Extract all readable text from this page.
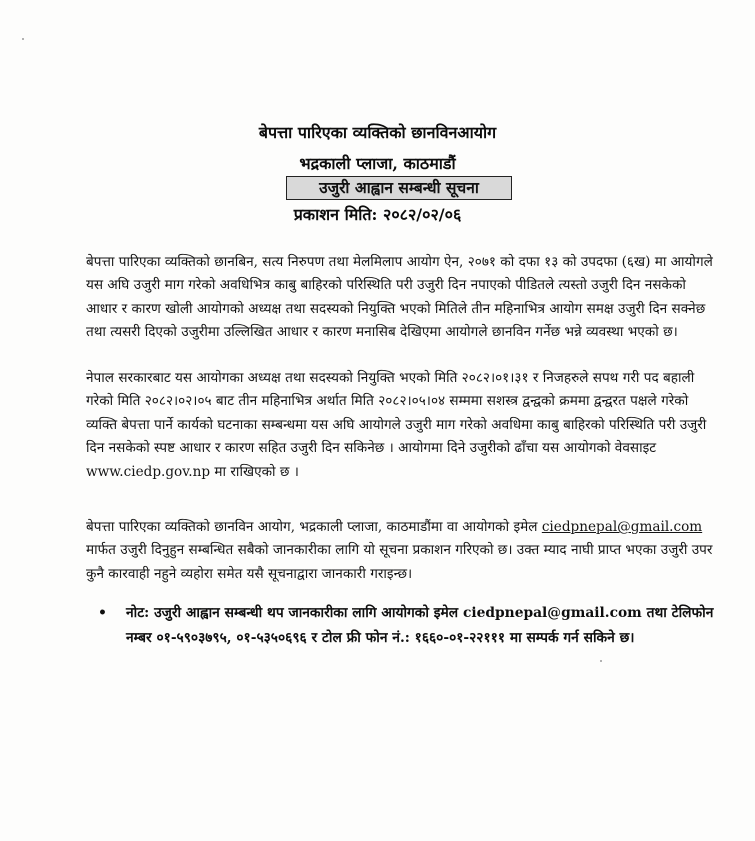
बेपत्ता पारिएका व्यक्तिको छानविनआयोग
भद्रकाली प्लाजा, काठमाडौं
उजुरी आह्वान सम्बन्धी सूचना
प्रकाशन मिति: २०८२/०२/०६
बेपत्ता पारिएका व्यक्तिको छानबिन, सत्य निरुपण तथा मेलमिलाप आयोग ऐन, २०७१ को दफा १३ को उपदफा (६ख) मा आयोगले यस अघि उजुरी माग गरेको अवधिभित्र काबु बाहिरको परिस्थिति परी उजुरी दिन नपाएको पीडितले त्यस्तो उजुरी दिन नसकेको आधार र कारण खोली आयोगको अध्यक्ष तथा सदस्यको नियुक्ति भएको मितिले तीन महिनाभित्र आयोग समक्ष उजुरी दिन सक्नेछ तथा त्यसरी दिएको उजुरीमा उल्लिखित आधार र कारण मनासिब देखिएमा आयोगले छानविन गर्नेछ भन्ने व्यवस्था भएको छ।
नेपाल सरकारबाट यस आयोगका अध्यक्ष तथा सदस्यको नियुक्ति भएको मिति २०८२।०१।३१ र निजहरुले सपथ गरी पद बहाली गरेको मिति २०८२।०२।०५ बाट तीन महिनाभित्र अर्थात मिति २०८२।०५।०४ सम्ममा सशस्त्र द्वन्द्वको क्रममा द्वन्द्वरत पक्षले गरेको व्यक्ति बेपत्ता पार्ने कार्यको घटनाका सम्बन्धमा यस अघि आयोगले उजुरी माग गरेको अवधिमा काबु बाहिरको परिस्थिति परी उजुरी दिन नसकेको स्पष्ट आधार र कारण सहित उजुरी दिन सकिनेछ । आयोगमा दिने उजुरीको ढाँचा यस आयोगको वेवसाइट www.ciedp.gov.np मा राखिएको छ ।
बेपत्ता पारिएका व्यक्तिको छानविन आयोग, भद्रकाली प्लाजा, काठमाडौंमा वा आयोगको इमेल ciedpnepal@gmail.com मार्फत उजुरी दिनुहुन सम्बन्धित सबैको जानकारीका लागि यो सूचना प्रकाशन गरिएको छ। उक्त म्याद नाघी प्राप्त भएका उजुरी उपर कुनै कारवाही नहुने व्यहोरा समेत यसै सूचनाद्वारा जानकारी गराइन्छ।
•	नोट: उजुरी आह्वान सम्बन्धी थप जानकारीका लागि आयोगको इमेल ciedpnepal@gmail.com तथा टेलिफोन नम्बर ०१-५९०३७९५, ०१-५३५०६९६ र टोल फ्री फोन नं.: १६६०-०१-२२१११ मा सम्पर्क गर्न सकिने छ।
